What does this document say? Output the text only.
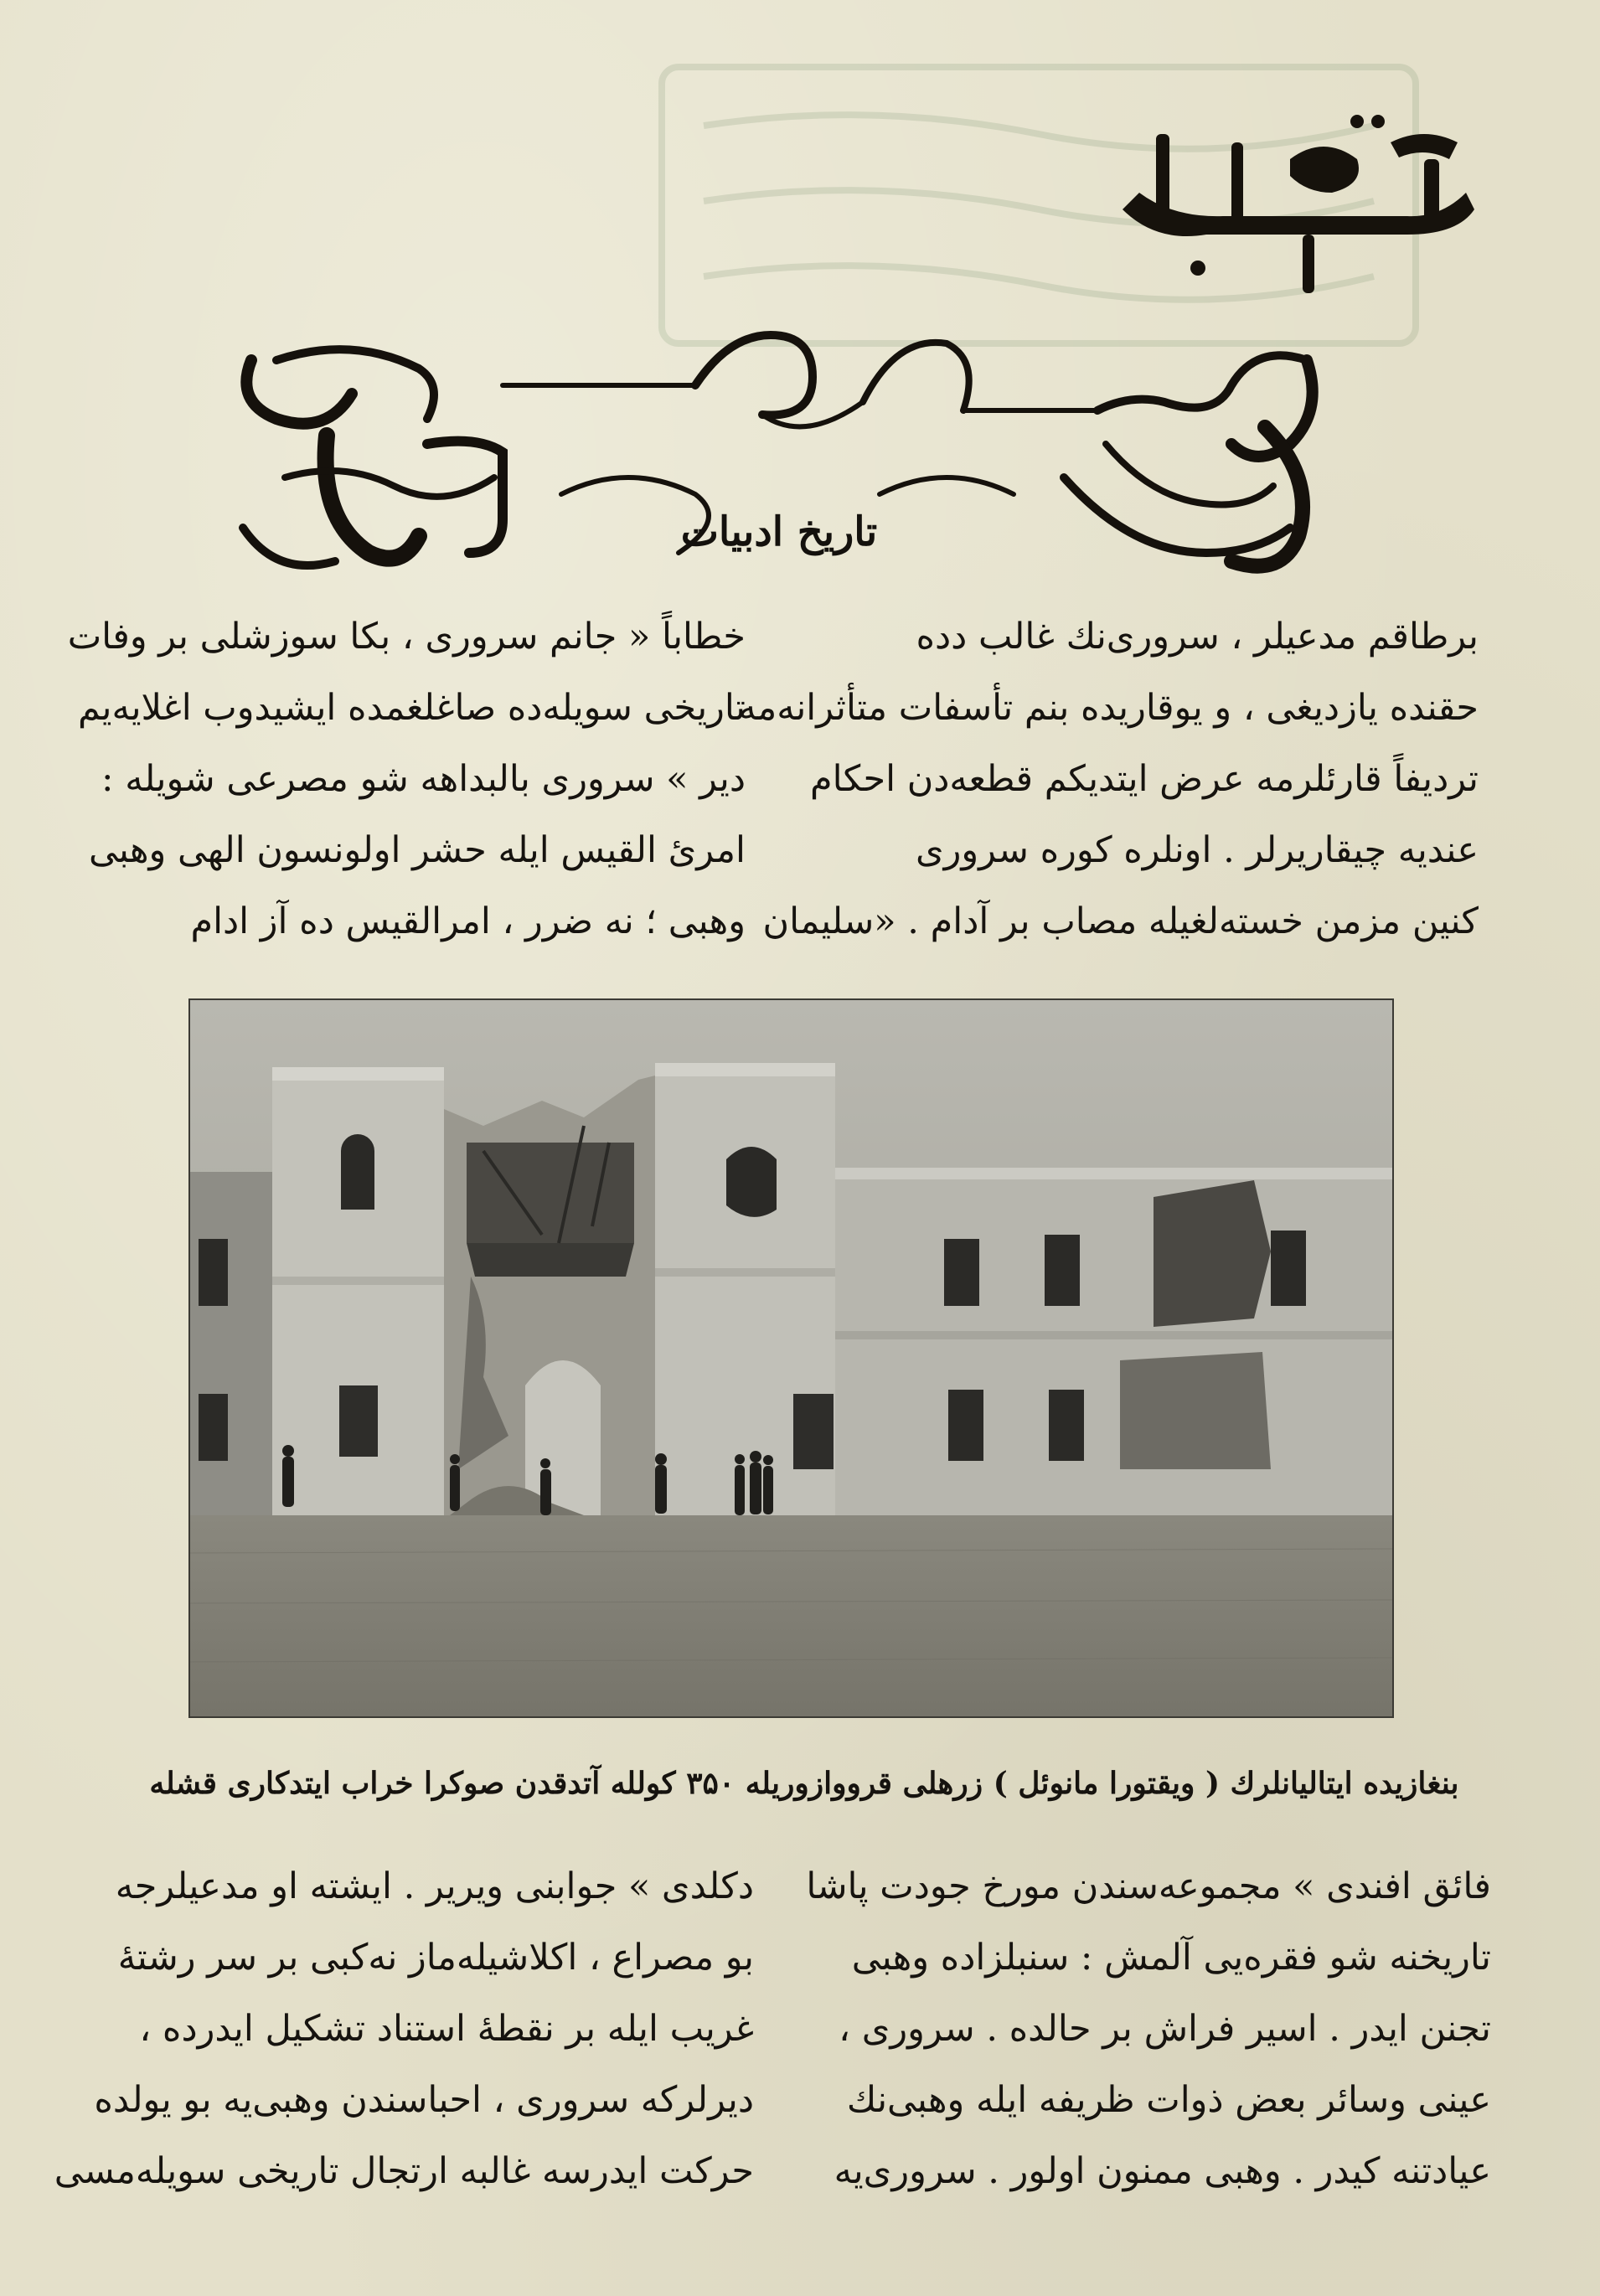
تاریخ ادبیات
برطاقم مدعیلر ، سروری‌نك غالب دده
حقنده یازدیغی ، و یوقاریده بنم تأسفات متأثرانه‌مه
تردیفاً قارئلرمه عرض ایتدیکم قطعه‌دن احکام
عندیه چیقاریرلر . اونلره کوره سروری
کنین مزمن خسته‌لغیله مصاب بر آدام . «سلیمان
خطاباً « جانم سروری ، بکا سوزشلی بر وفات
تاریخی سویله‌ده صاغلغمده ایشیدوب اغلایه‌یم
دیر » سروری بالبداهه شو مصرعی شویله :
امرئ القیس ایله حشر اولونسون الهی وهبی
وهبی ؛ نه ضرر ، امرالقیس ده آز ادام
بنغازیده ایتالیانلرك ( ویقتورا مانوئل ) زرهلی قرووازوریله ۳۵۰ کولله آتدقدن صوکرا خراب ایتدکاری قشله
فائق افندی » مجموعه‌سندن مورخ جودت پاشا
تاریخنه شو فقره‌یی آلمش : سنبلزاده وهبی
تجنن ایدر . اسیر فراش بر حالده . سروری ،
عینی وسائر بعض ذوات ظریفه ایله وهبی‌نك
عیادتنه کیدر . وهبی ممنون اولور . سروری‌یه
دکلدی » جوابنی ویریر . ایشته او مدعیلرجه
بو مصراع ، اکلاشیله‌ماز نه‌کبی بر سر رشته‌ٔ
غریب ایله بر نقطهٔ استناد تشکیل ایدرده ،
دیرلرکه سروری ، احباسندن وهبی‌یه بو یولده
حرکت ایدرسه غالبه ارتجال تاریخی سویله‌مسی
